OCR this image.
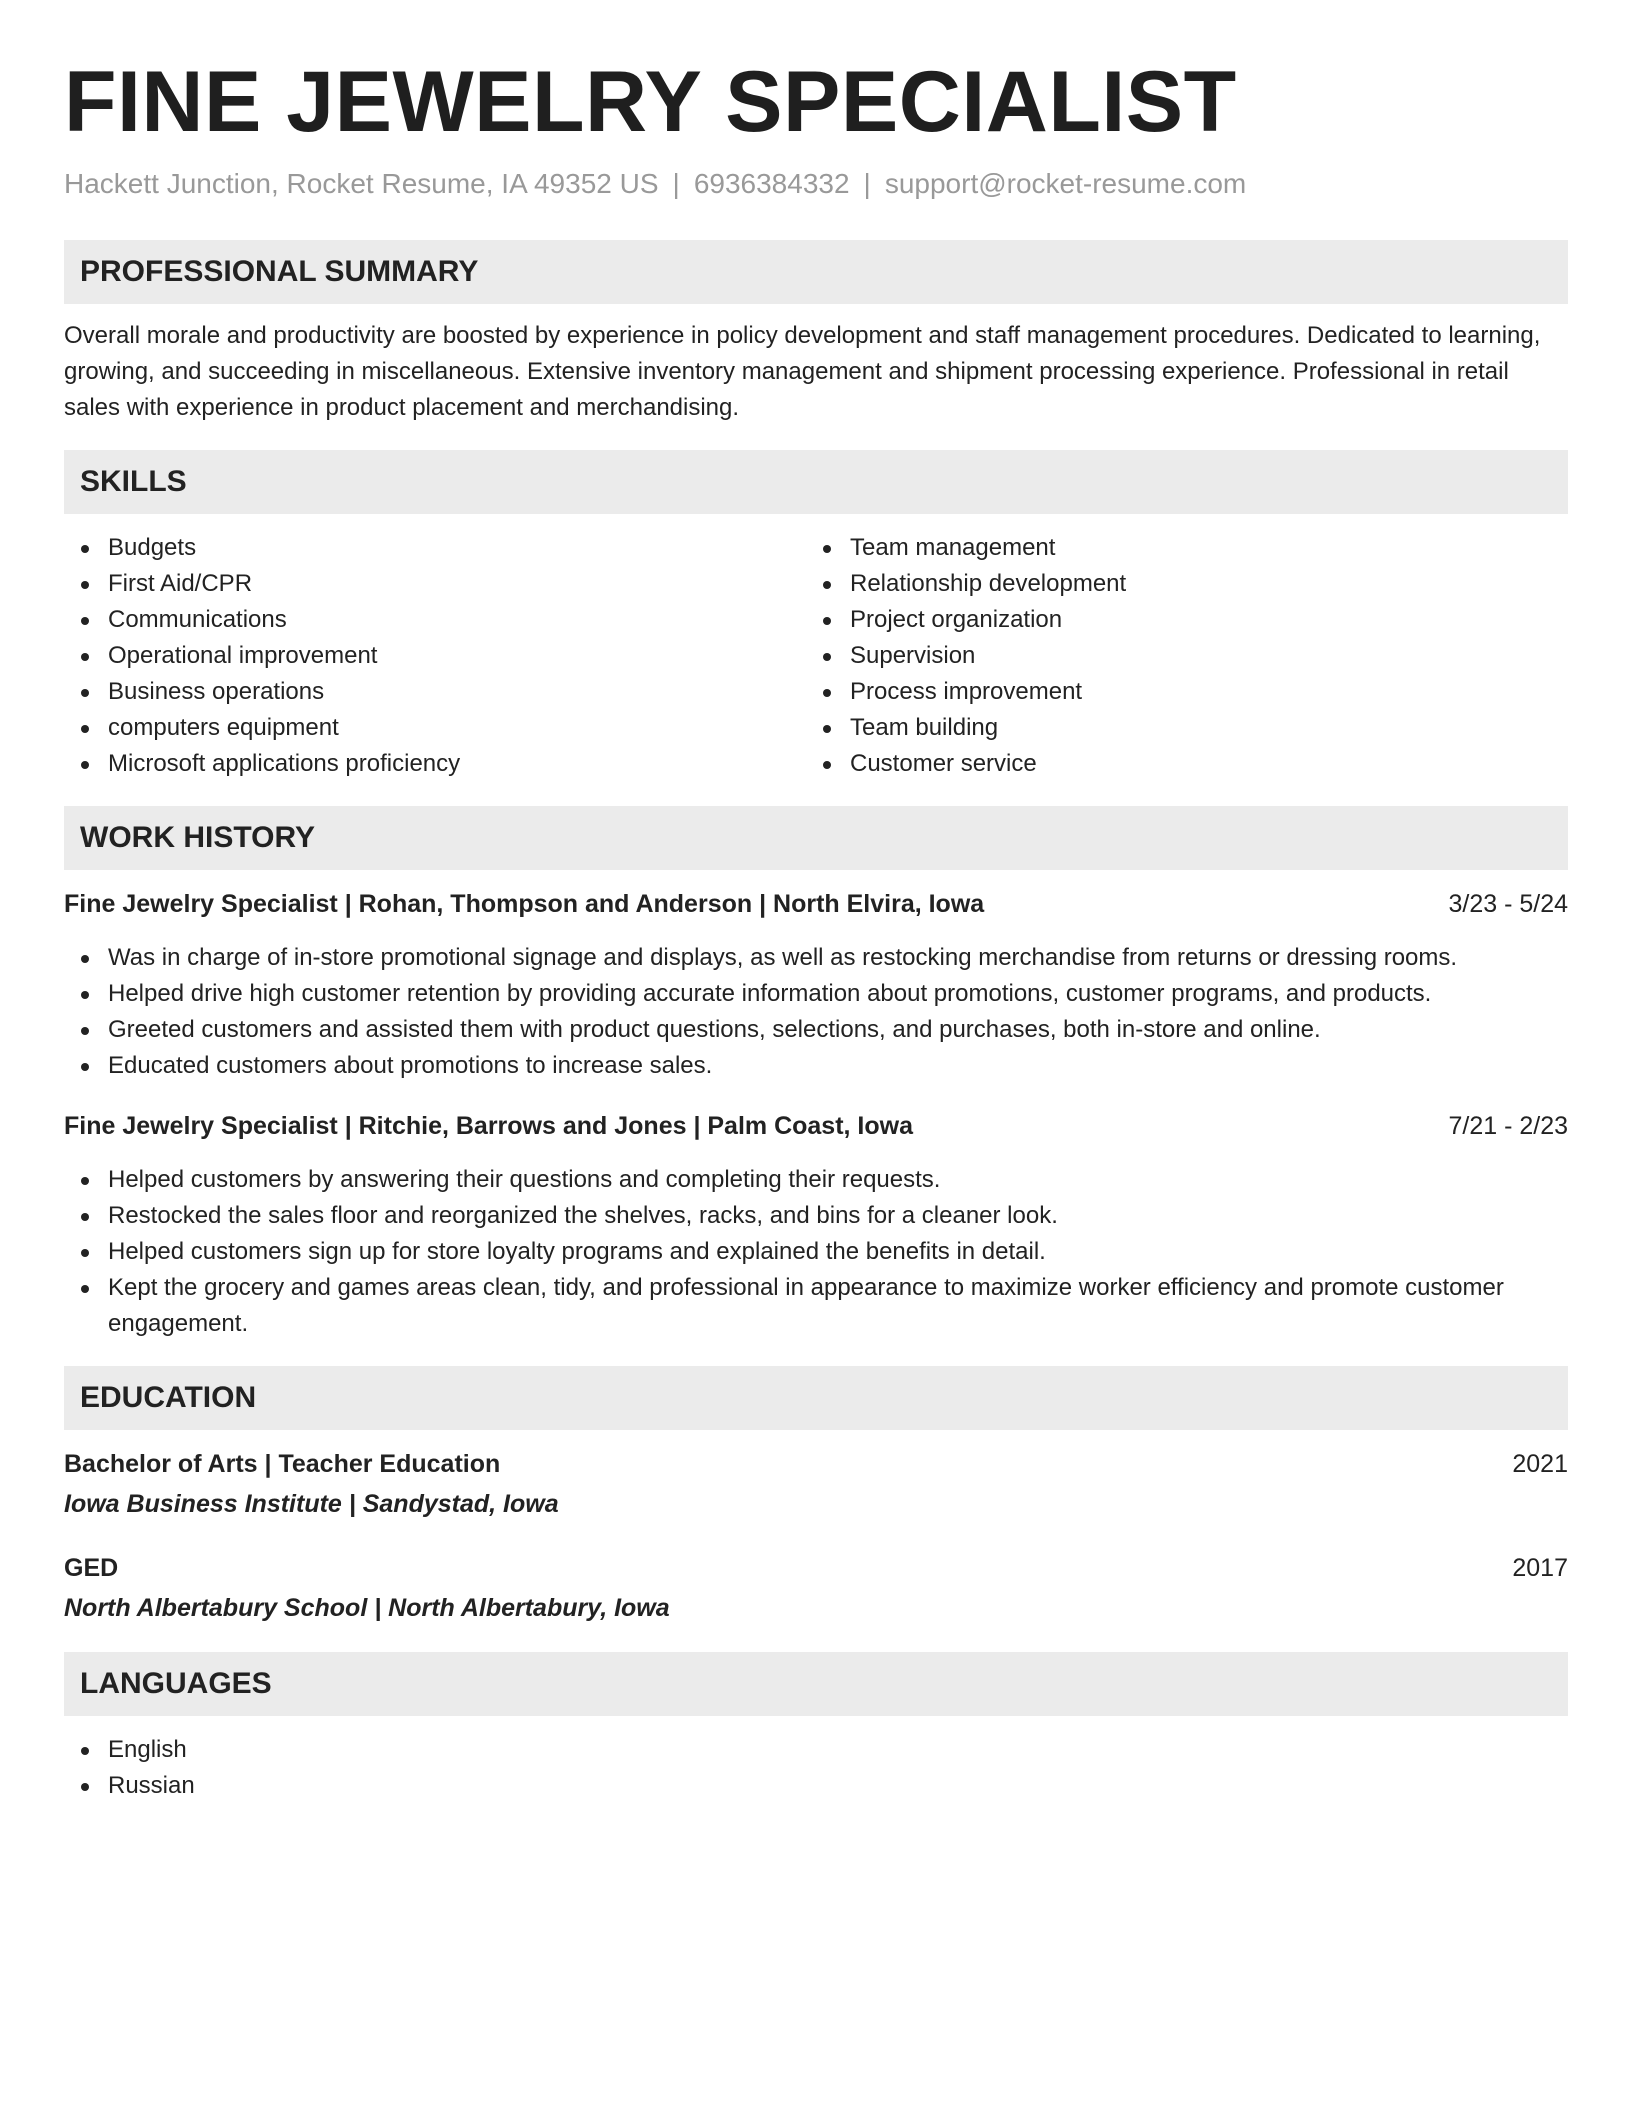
FINE JEWELRY SPECIALIST
Hackett Junction, Rocket Resume, IA 49352 US | 6936384332 | support@rocket-resume.com
PROFESSIONAL SUMMARY

Overall morale and productivity are boosted by experience in policy development and staff management procedures. Dedicated to learning, growing, and succeeding in miscellaneous. Extensive inventory management and shipment processing experience. Professional in retail sales with experience in product placement and merchandising.

SKILLS
Budgets
First Aid/CPR
Communications
Operational improvement
Business operations
computers equipment
Microsoft applications proficiency
Team management
Relationship development
Project organization
Supervision
Process improvement
Team building
Customer service
WORK HISTORY
Fine Jewelry Specialist | Rohan, Thompson and Anderson | North Elvira, Iowa	3/23 - 5/24
Was in charge of in-store promotional signage and displays, as well as restocking merchandise from returns or dressing rooms.
Helped drive high customer retention by providing accurate information about promotions, customer programs, and products.
Greeted customers and assisted them with product questions, selections, and purchases, both in-store and online.
Educated customers about promotions to increase sales.
Fine Jewelry Specialist | Ritchie, Barrows and Jones | Palm Coast, Iowa	7/21 - 2/23
Helped customers by answering their questions and completing their requests.
Restocked the sales floor and reorganized the shelves, racks, and bins for a cleaner look.
Helped customers sign up for store loyalty programs and explained the benefits in detail.
Kept the grocery and games areas clean, tidy, and professional in appearance to maximize worker efficiency and promote customer engagement.
EDUCATION
Bachelor of Arts | Teacher Education	2021
Iowa Business Institute | Sandystad, Iowa
GED	2017
North Albertabury School | North Albertabury, Iowa
LANGUAGES
English
Russian
